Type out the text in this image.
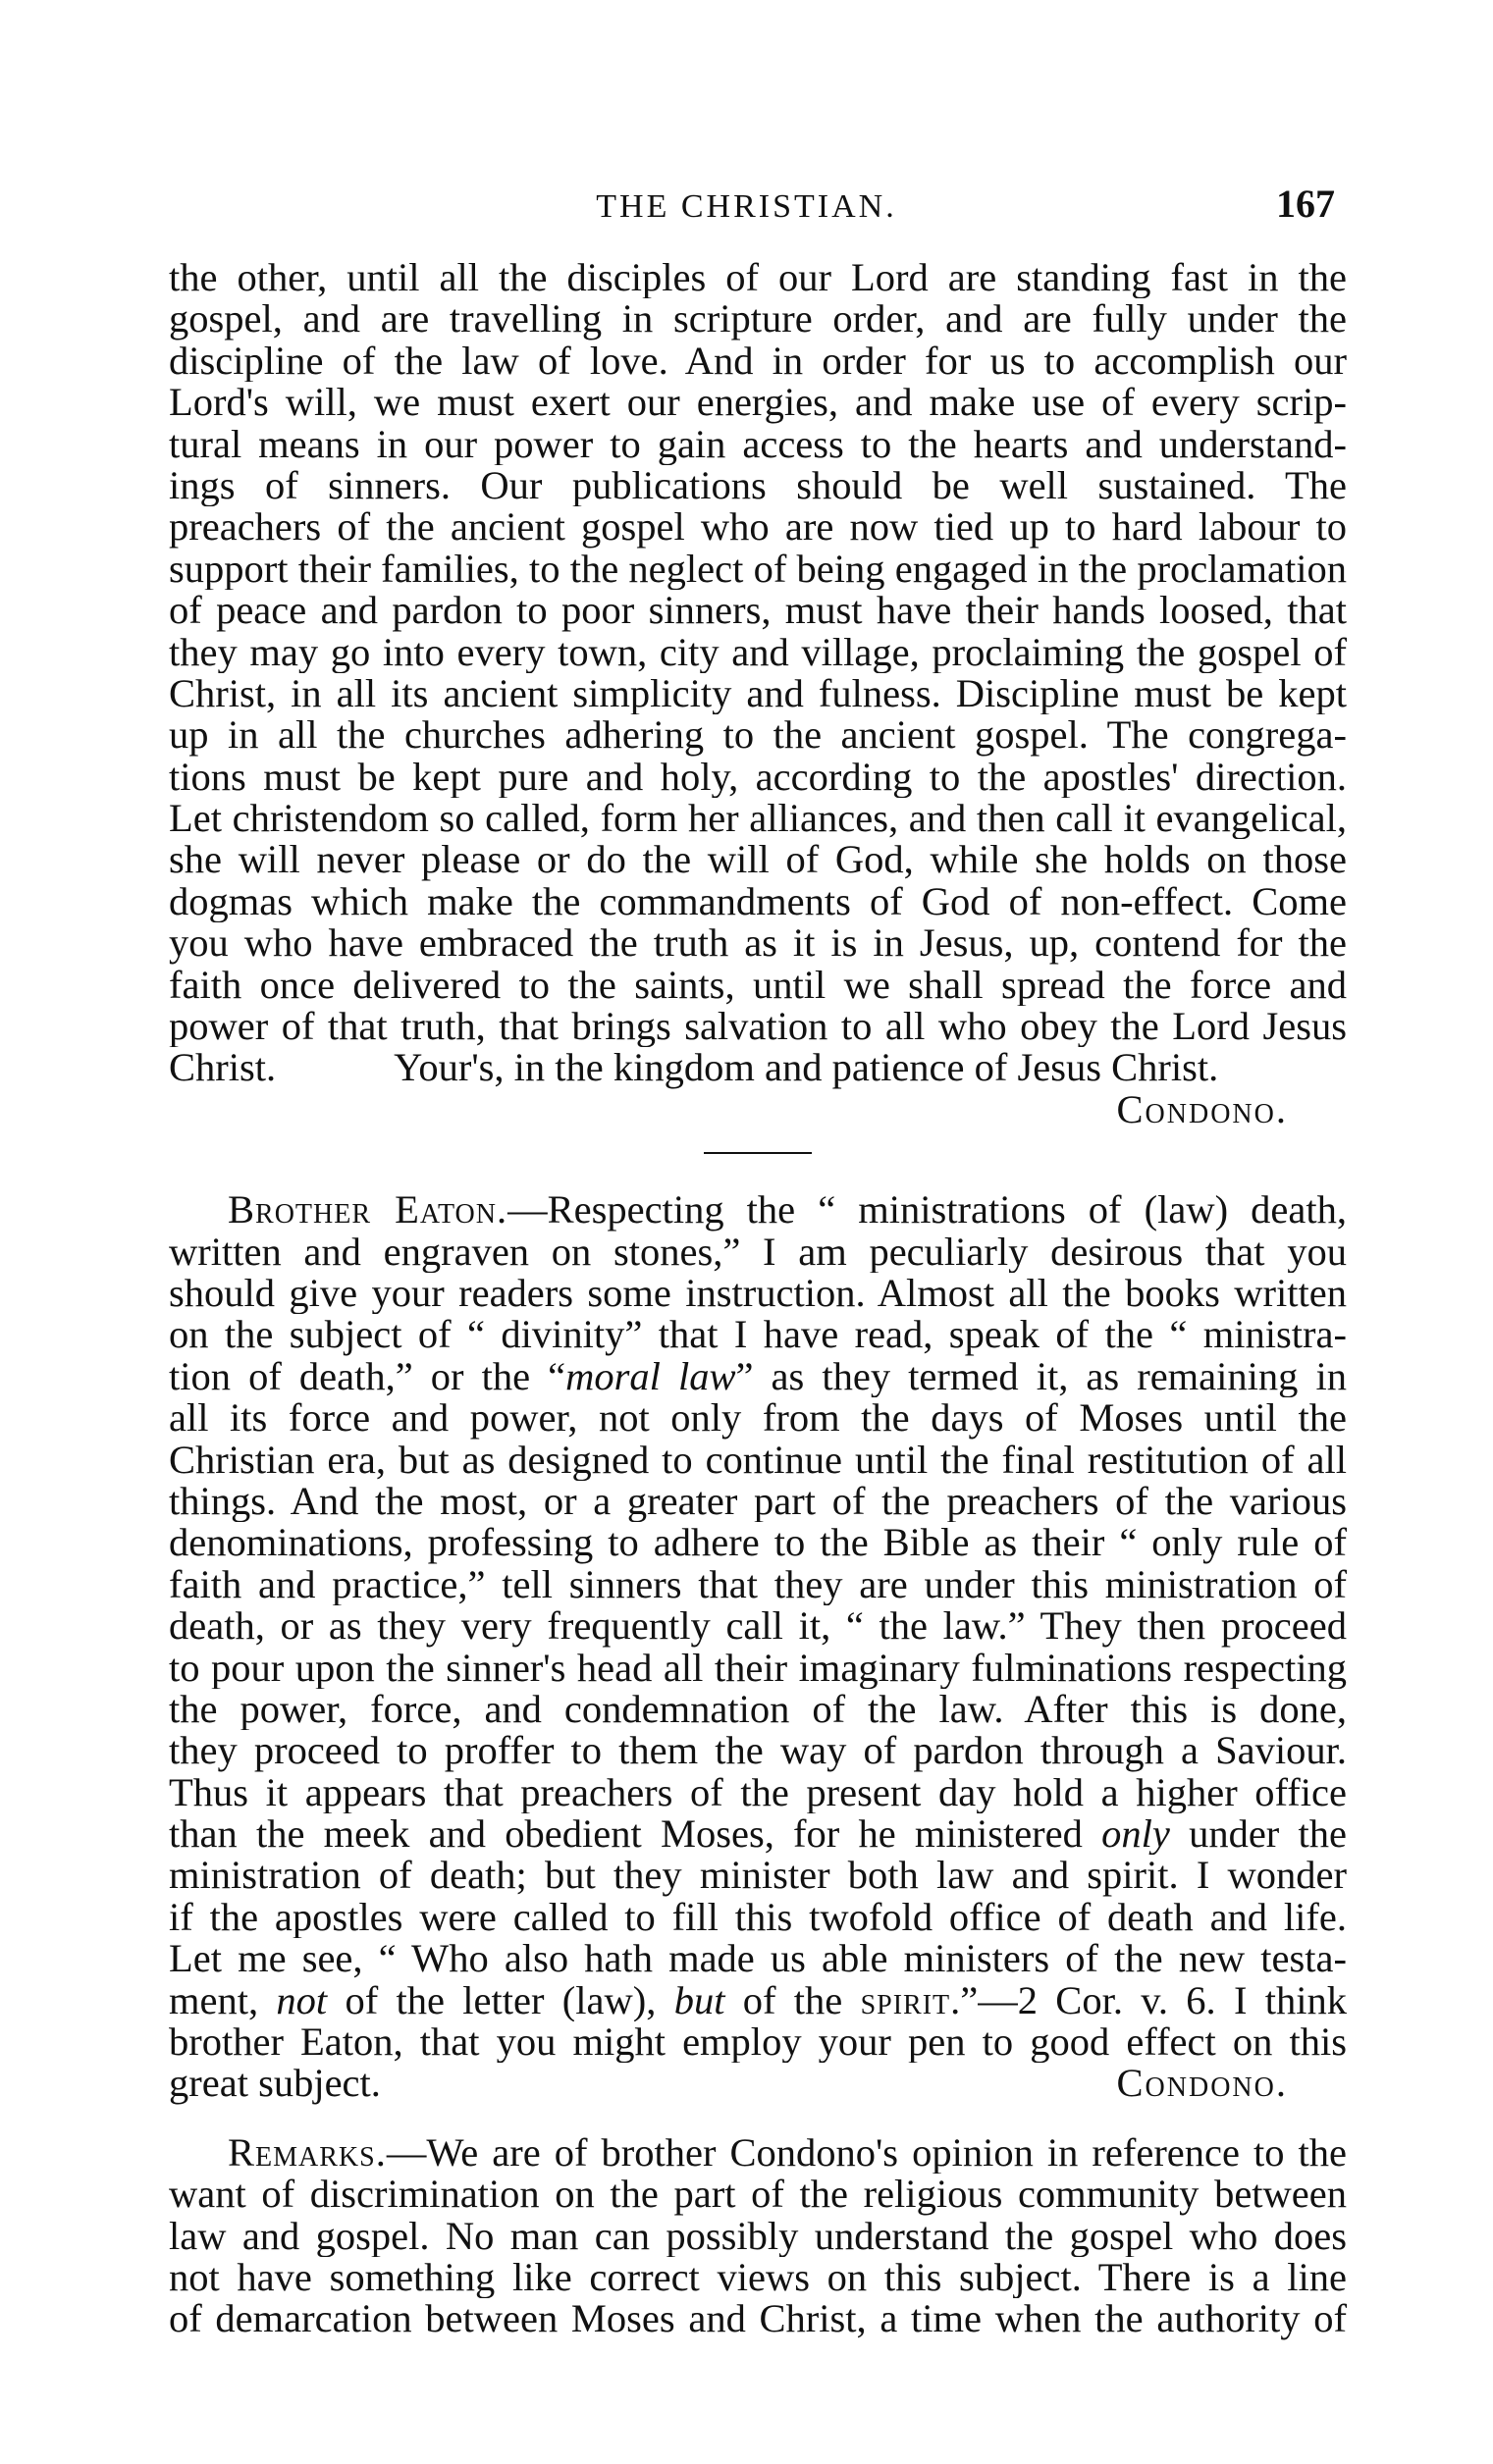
THE CHRISTIAN.	167
the other, until all the disciples of our Lord are standing fast in the
gospel, and are travelling in scripture order, and are fully under the
discipline of the law of love. And in order for us to accomplish our
Lord's will, we must exert our energies, and make use of every scrip-
tural means in our power to gain access to the hearts and understand-
ings of sinners. Our publications should be well sustained. The
preachers of the ancient gospel who are now tied up to hard labour to
support their families, to the neglect of being engaged in the proclamation
of peace and pardon to poor sinners, must have their hands loosed, that
they may go into every town, city and village, proclaiming the gospel of
Christ, in all its ancient simplicity and fulness. Discipline must be kept
up in all the churches adhering to the ancient gospel. The congrega-
tions must be kept pure and holy, according to the apostles' direction.
Let christendom so called, form her alliances, and then call it evangelical,
she will never please or do the will of God, while she holds on those
dogmas which make the commandments of God of non-effect. Come
you who have embraced the truth as it is in Jesus, up, contend for the
faith once delivered to the saints, until we shall spread the force and
power of that truth, that brings salvation to all who obey the Lord Jesus
Christ.	Your's, in the kingdom and patience of Jesus Christ.
Condono.
Brother Eaton.—Respecting the “ ministrations of (law) death,
written and engraven on stones,” I am peculiarly desirous that you
should give your readers some instruction. Almost all the books written
on the subject of “ divinity” that I have read, speak of the “ ministra-
tion of death,” or the “moral law” as they termed it, as remaining in
all its force and power, not only from the days of Moses until the
Christian era, but as designed to continue until the final restitution of all
things. And the most, or a greater part of the preachers of the various
denominations, professing to adhere to the Bible as their “ only rule of
faith and practice,” tell sinners that they are under this ministration of
death, or as they very frequently call it, “ the law.” They then proceed
to pour upon the sinner's head all their imaginary fulminations respecting
the power, force, and condemnation of the law. After this is done,
they proceed to proffer to them the way of pardon through a Saviour.
Thus it appears that preachers of the present day hold a higher office
than the meek and obedient Moses, for he ministered only under the
ministration of death; but they minister both law and spirit. I wonder
if the apostles were called to fill this twofold office of death and life.
Let me see, “ Who also hath made us able ministers of the new testa-
ment, not of the letter (law), but of the spirit.”—2 Cor. v. 6. I think
brother Eaton, that you might employ your pen to good effect on this
great subject.	Condono.
Remarks.—We are of brother Condono's opinion in reference to the
want of discrimination on the part of the religious community between
law and gospel. No man can possibly understand the gospel who does
not have something like correct views on this subject. There is a line
of demarcation between Moses and Christ, a time when the authority of
